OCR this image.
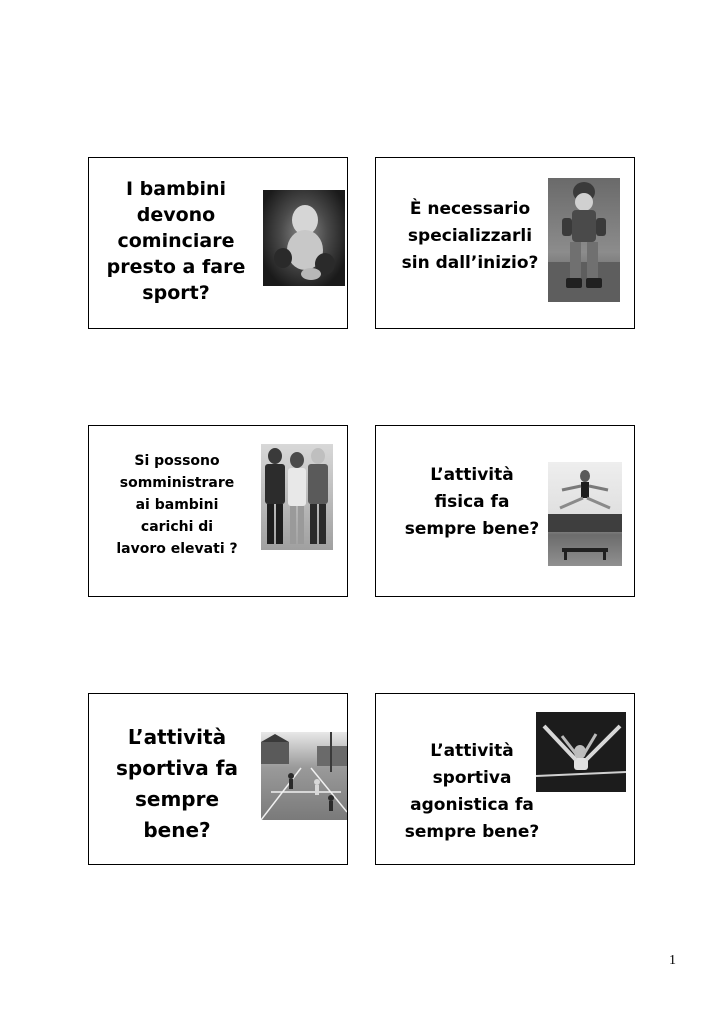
I bambini
devono
cominciare
presto a fare
sport?
È necessario
specializzarli
sin dall’inizio?
Si possono
somministrare
ai bambini
carichi di
lavoro elevati ?
L’attività
fisica fa
sempre bene?
L’attività
sportiva fa
sempre
bene?
L’attività
sportiva
agonistica fa
sempre bene?
1
